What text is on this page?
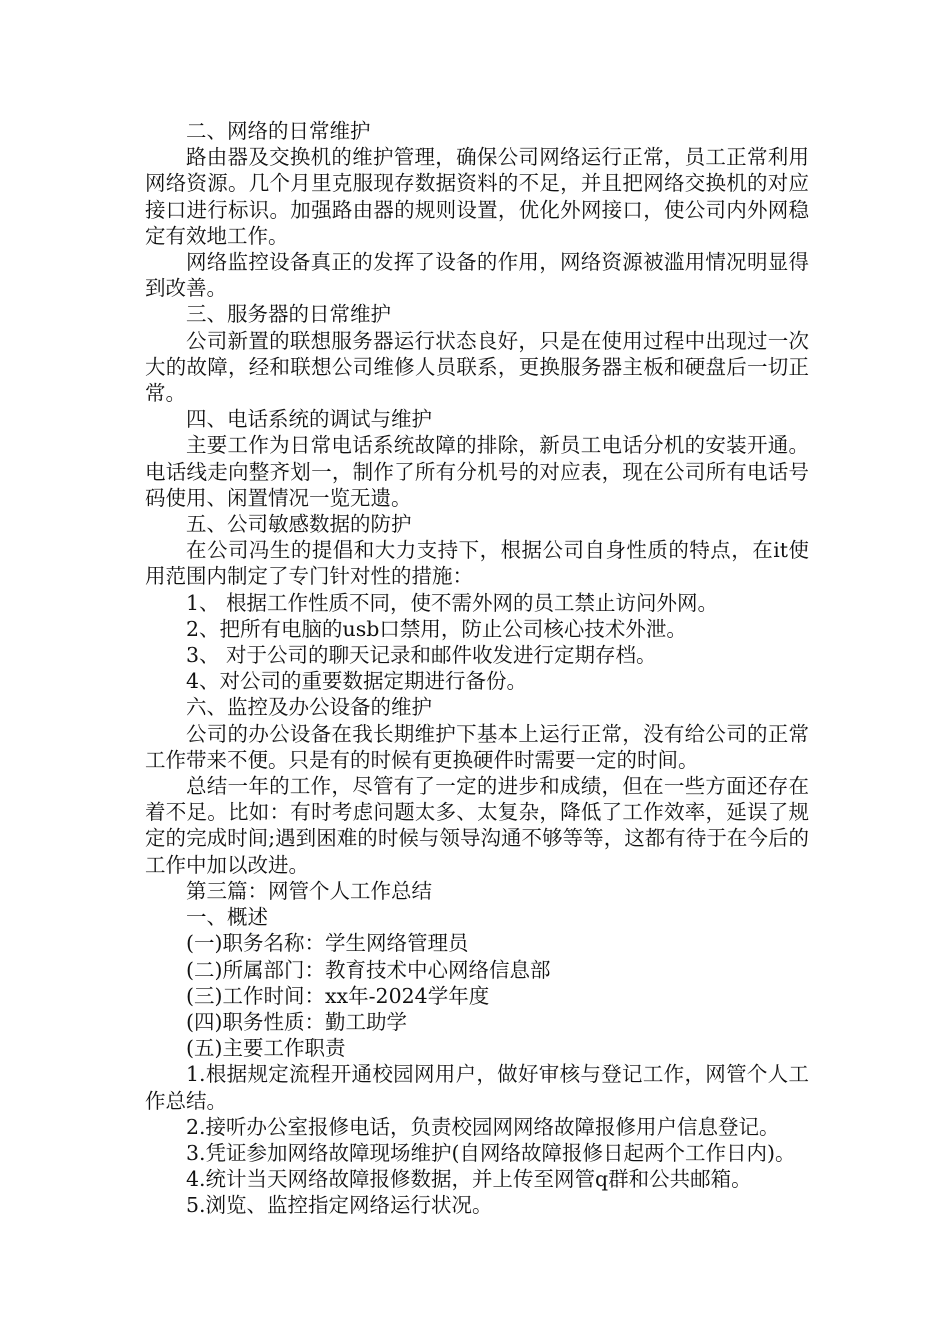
二、网络的日常维护

路由器及交换机的维护管理，确保公司网络运行正常，员工正常利用网络资源。几个月里克服现存数据资料的不足，并且把网络交换机的对应接口进行标识。加强路由器的规则设置，优化外网接口，使公司内外网稳定有效地工作。

网络监控设备真正的发挥了设备的作用，网络资源被滥用情况明显得到改善。

三、服务器的日常维护

公司新置的联想服务器运行状态良好，只是在使用过程中出现过一次大的故障，经和联想公司维修人员联系，更换服务器主板和硬盘后一切正常。

四、电话系统的调试与维护

主要工作为日常电话系统故障的排除，新员工电话分机的安装开通。电话线走向整齐划一，制作了所有分机号的对应表，现在公司所有电话号码使用、闲置情况一览无遗。

五、公司敏感数据的防护

在公司冯生的提倡和大力支持下，根据公司自身性质的特点，在it使用范围内制定了专门针对性的措施：

1、 根据工作性质不同，使不需外网的员工禁止访问外网。

2、把所有电脑的usb口禁用，防止公司核心技术外泄。

3、 对于公司的聊天记录和邮件收发进行定期存档。

4、对公司的重要数据定期进行备份。

六、监控及办公设备的维护

公司的办公设备在我长期维护下基本上运行正常，没有给公司的正常工作带来不便。只是有的时候有更换硬件时需要一定的时间。

总结一年的工作，尽管有了一定的进步和成绩，但在一些方面还存在着不足。比如：有时考虑问题太多、太复杂，降低了工作效率，延误了规定的完成时间;遇到困难的时候与领导沟通不够等等，这都有待于在今后的工作中加以改进。

第三篇：网管个人工作总结

一、概述

(一)职务名称：学生网络管理员

(二)所属部门：教育技术中心网络信息部

(三)工作时间：xx年-2024学年度

(四)职务性质：勤工助学

(五)主要工作职责

1.根据规定流程开通校园网用户，做好审核与登记工作，网管个人工作总结。

2.接听办公室报修电话，负责校园网网络故障报修用户信息登记。

3.凭证参加网络故障现场维护(自网络故障报修日起两个工作日内)。

4.统计当天网络故障报修数据，并上传至网管q群和公共邮箱。

5.浏览、监控指定网络运行状况。
